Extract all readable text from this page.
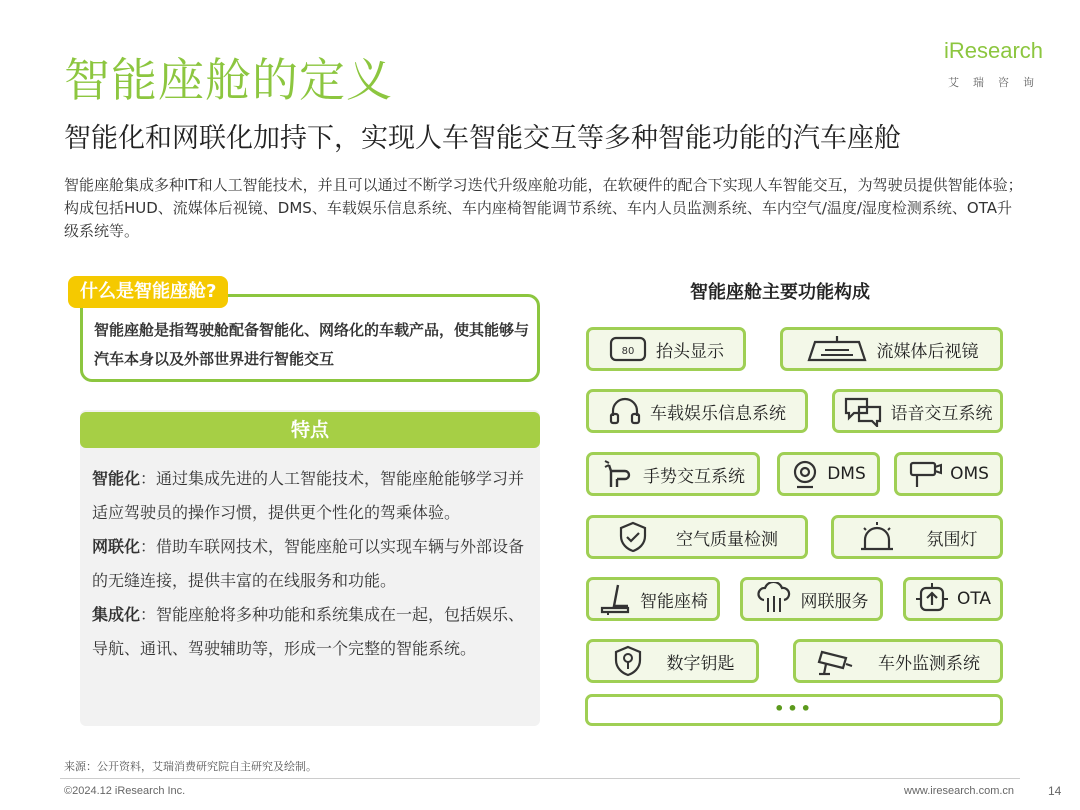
智能座舱的定义
智能化和网联化加持下，实现人车智能交互等多种智能功能的汽车座舱
iResearch
艾瑞咨询
智能座舱集成多种IT和人工智能技术，并且可以通过不断学习迭代升级座舱功能，在软硬件的配合下实现人车智能交互，为驾驶员提供智能体验；构成包括HUD、流媒体后视镜、DMS、车载娱乐信息系统、车内座椅智能调节系统、车内人员监测系统、车内空气/温度/湿度检测系统、OTA升级系统等。
什么是智能座舱?
智能座舱是指驾驶舱配备智能化、网络化的车载产品，使其能够与汽车本身以及外部世界进行智能交互
特点
智能化：通过集成先进的人工智能技术，智能座舱能够学习并适应驾驶员的操作习惯，提供更个性化的驾乘体验。
网联化：借助车联网技术，智能座舱可以实现车辆与外部设备的无缝连接，提供丰富的在线服务和功能。
集成化：智能座舱将多种功能和系统集成在一起，包括娱乐、导航、通讯、驾驶辅助等，形成一个完整的智能系统。
智能座舱主要功能构成
80 抬头显示	流媒体后视镜
车载娱乐信息系统	语音交互系统
手势交互系统	DMS	OMS
空气质量检测	氛围灯
智能座椅	网联服务	OTA
数字钥匙	车外监测系统
•••
来源：公开资料，艾瑞消费研究院自主研究及绘制。
©2024.12 iResearch Inc.	www.iresearch.com.cn	14
